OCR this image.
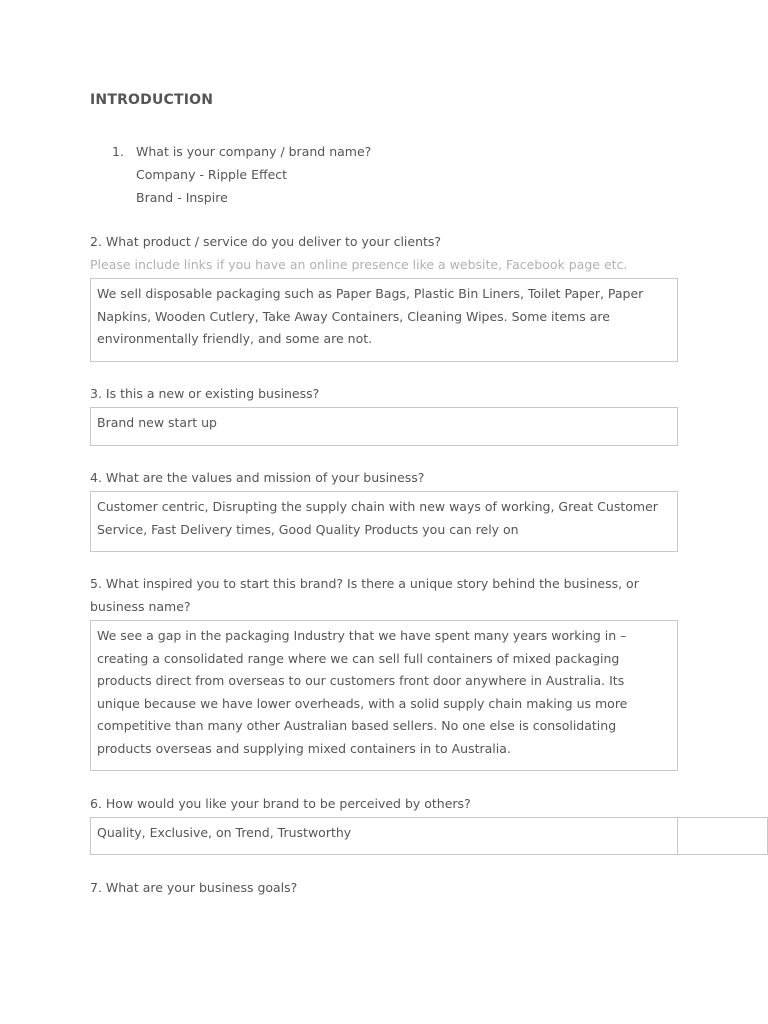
INTRODUCTION
1. What is your company / brand name?
Company - Ripple Effect
Brand - Inspire
2. What product / service do you deliver to your clients?
Please include links if you have an online presence like a website, Facebook page etc.
We sell disposable packaging such as Paper Bags, Plastic Bin Liners, Toilet Paper, Paper Napkins, Wooden Cutlery, Take Away Containers, Cleaning Wipes. Some items are environmentally friendly, and some are not.
3. Is this a new or existing business?
Brand new start up
4. What are the values and mission of your business?
Customer centric, Disrupting the supply chain with new ways of working, Great Customer Service, Fast Delivery times, Good Quality Products you can rely on
5. What inspired you to start this brand? Is there a unique story behind the business, or business name?
We see a gap in the packaging Industry that we have spent many years working in – creating a consolidated range where we can sell full containers of mixed packaging products direct from overseas to our customers front door anywhere in Australia. Its unique because we have lower overheads, with a solid supply chain making us more competitive than many other Australian based sellers. No one else is consolidating products overseas and supplying mixed containers in to Australia.
6. How would you like your brand to be perceived by others?
Quality, Exclusive, on Trend, Trustworthy
7. What are your business goals?
